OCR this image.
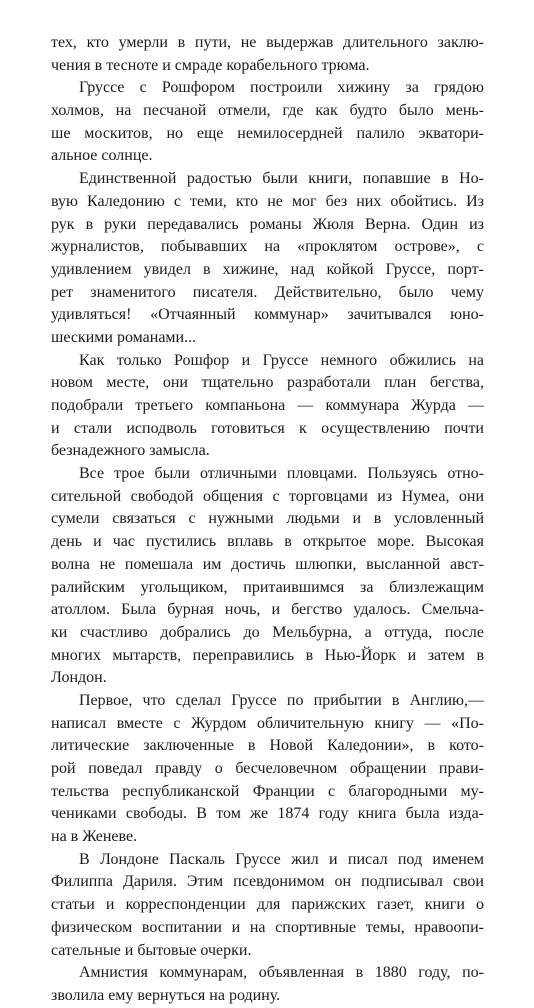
тех, кто умерли в пути, не выдержав длительного заклю-
чения в тесноте и смраде корабельного трюма.
Груссе с Рошфором построили хижину за грядою
холмов, на песчаной отмели, где как будто было мень-
ше москитов, но еще немилосердней палило экватори-
альное солнце.
Единственной радостью были книги, попавшие в Но-
вую Каледонию с теми, кто не мог без них обойтись. Из
рук в руки передавались романы Жюля Верна. Один из
журналистов, побывавших на «проклятом острове», с
удивлением увидел в хижине, над койкой Груссе, порт-
рет знаменитого писателя. Действительно, было чему
удивляться! «Отчаянный коммунар» зачитывался юно-
шескими романами...
Как только Рошфор и Груссе немного обжились на
новом месте, они тщательно разработали план бегства,
подобрали третьего компаньона — коммунара Журда —
и стали исподволь готовиться к осуществлению почти
безнадежного замысла.
Все трое были отличными пловцами. Пользуясь отно-
сительной свободой общения с торговцами из Нумеа, они
сумели связаться с нужными людьми и в условленный
день и час пустились вплавь в открытое море. Высокая
волна не помешала им достичь шлюпки, высланной авст-
ралийским угольщиком, притаившимся за близлежащим
атоллом. Была бурная ночь, и бегство удалось. Смельча-
ки счастливо добрались до Мельбурна, а оттуда, после
многих мытарств, переправились в Нью-Йорк и затем в
Лондон.
Первое, что сделал Груссе по прибытии в Англию,—
написал вместе с Журдом обличительную книгу — «По-
литические заключенные в Новой Каледонии», в кото-
рой поведал правду о бесчеловечном обращении прави-
тельства республиканской Франции с благородными му-
чениками свободы. В том же 1874 году книга была изда-
на в Женеве.
В Лондоне Паскаль Груссе жил и писал под именем
Филиппа Дариля. Этим псевдонимом он подписывал свои
статьи и корреспонденции для парижских газет, книги о
физическом воспитании и на спортивные темы, нравоопи-
сательные и бытовые очерки.
Амнистия коммунарам, объявленная в 1880 году, по-
зволила ему вернуться на родину.
